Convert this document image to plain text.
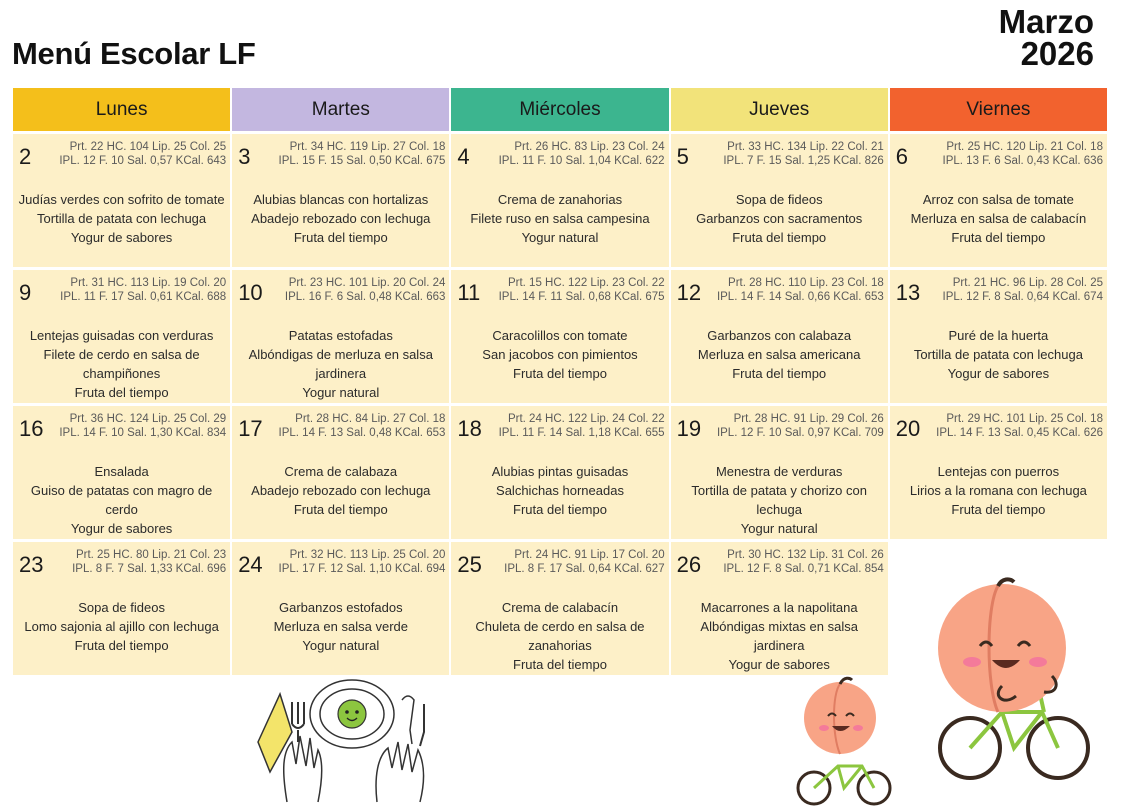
Menú Escolar LF
Marzo
2026
Lunes	Martes	Miércoles	Jueves	Viernes
2	Prt. 22 HC. 104 Lip. 25 Col. 25
IPL. 12 F. 10 Sal. 0,57 KCal. 643
Judías verdes con sofrito de tomate
Tortilla de patata con lechuga
Yogur de sabores
3	Prt. 34 HC. 119 Lip. 27 Col. 18
IPL. 15 F. 15 Sal. 0,50 KCal. 675
Alubias blancas con hortalizas
Abadejo rebozado con lechuga
Fruta del tiempo
4	Prt. 26 HC. 83 Lip. 23 Col. 24
IPL. 11 F. 10 Sal. 1,04 KCal. 622
Crema de zanahorias
Filete ruso en salsa campesina
Yogur natural
5	Prt. 33 HC. 134 Lip. 22 Col. 21
IPL. 7 F. 15 Sal. 1,25 KCal. 826
Sopa de fideos
Garbanzos con sacramentos
Fruta del tiempo
6	Prt. 25 HC. 120 Lip. 21 Col. 18
IPL. 13 F. 6 Sal. 0,43 KCal. 636
Arroz con salsa de tomate
Merluza en salsa de calabacín
Fruta del tiempo
9	Prt. 31 HC. 113 Lip. 19 Col. 20
IPL. 11 F. 17 Sal. 0,61 KCal. 688
Lentejas guisadas con verduras
Filete de cerdo en salsa de champiñones
Fruta del tiempo
10	Prt. 23 HC. 101 Lip. 20 Col. 24
IPL. 16 F. 6 Sal. 0,48 KCal. 663
Patatas estofadas
Albóndigas de merluza en salsa jardinera
Yogur natural
11	Prt. 15 HC. 122 Lip. 23 Col. 22
IPL. 14 F. 11 Sal. 0,68 KCal. 675
Caracolillos con tomate
San jacobos con pimientos
Fruta del tiempo
12	Prt. 28 HC. 110 Lip. 23 Col. 18
IPL. 14 F. 14 Sal. 0,66 KCal. 653
Garbanzos con calabaza
Merluza en salsa americana
Fruta del tiempo
13	Prt. 21 HC. 96 Lip. 28 Col. 25
IPL. 12 F. 8 Sal. 0,64 KCal. 674
Puré de la huerta
Tortilla de patata con lechuga
Yogur de sabores
16	Prt. 36 HC. 124 Lip. 25 Col. 29
IPL. 14 F. 10 Sal. 1,30 KCal. 834
Ensalada
Guiso de patatas con magro de cerdo
Yogur de sabores
17	Prt. 28 HC. 84 Lip. 27 Col. 18
IPL. 14 F. 13 Sal. 0,48 KCal. 653
Crema de calabaza
Abadejo rebozado con lechuga
Fruta del tiempo
18	Prt. 24 HC. 122 Lip. 24 Col. 22
IPL. 11 F. 14 Sal. 1,18 KCal. 655
Alubias pintas guisadas
Salchichas horneadas
Fruta del tiempo
19	Prt. 28 HC. 91 Lip. 29 Col. 26
IPL. 12 F. 10 Sal. 0,97 KCal. 709
Menestra de verduras
Tortilla de patata y chorizo con lechuga
Yogur natural
20	Prt. 29 HC. 101 Lip. 25 Col. 18
IPL. 14 F. 13 Sal. 0,45 KCal. 626
Lentejas con puerros
Lirios a la romana con lechuga
Fruta del tiempo
23	Prt. 25 HC. 80 Lip. 21 Col. 23
IPL. 8 F. 7 Sal. 1,33 KCal. 696
Sopa de fideos
Lomo sajonia al ajillo con lechuga
Fruta del tiempo
24	Prt. 32 HC. 113 Lip. 25 Col. 20
IPL. 17 F. 12 Sal. 1,10 KCal. 694
Garbanzos estofados
Merluza en salsa verde
Yogur natural
25	Prt. 24 HC. 91 Lip. 17 Col. 20
IPL. 8 F. 17 Sal. 0,64 KCal. 627
Crema de calabacín
Chuleta de cerdo en salsa de zanahorias
Fruta del tiempo
26	Prt. 30 HC. 132 Lip. 31 Col. 26
IPL. 12 F. 8 Sal. 0,71 KCal. 854
Macarrones a la napolitana
Albóndigas mixtas en salsa jardinera
Yogur de sabores
